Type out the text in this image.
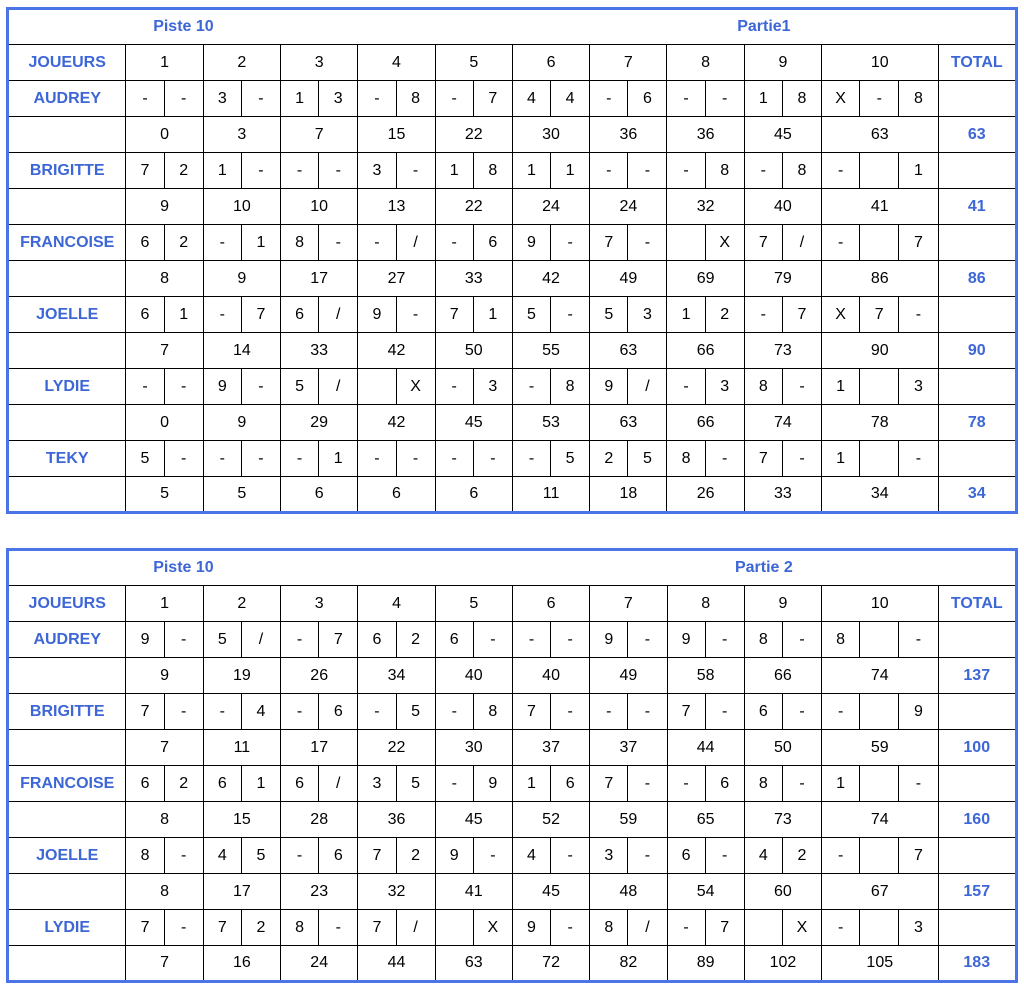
Piste 10													Partie1									
JOUEURS	1		2		3		4		5		6		7		8		9		10			TOTAL
AUDREY	-	-	3	-	1	3	-	8	-	7	4	4	-	6	-	-	1	8	X	-	8	
	0		3		7		15		22		30		36		36		45		63			63
BRIGITTE	7	2	1	-	-	-	3	-	1	8	1	1	-	-	-	8	-	8	-		1	
	9		10		10		13		22		24		24		32		40		41			41
FRANCOISE	6	2	-	1	8	-	-	/	-	6	9	-	7	-		X	7	/	-		7	
	8		9		17		27		33		42		49		69		79		86			86
JOELLE	6	1	-	7	6	/	9	-	7	1	5	-	5	3	1	2	-	7	X	7	-	
	7		14		33		42		50		55		63		66		73		90			90
LYDIE	-	-	9	-	5	/		X	-	3	-	8	9	/	-	3	8	-	1		3	
	0		9		29		42		45		53		63		66		74		78			78
TEKY	5	-	-	-	-	1	-	-	-	-	-	5	2	5	8	-	7	-	1		-	
	5		5		6		6		6		11		18		26		33		34			34
Piste 10													Partie 2									
JOUEURS	1		2		3		4		5		6		7		8		9		10			TOTAL
AUDREY	9	-	5	/	-	7	6	2	6	-	-	-	9	-	9	-	8	-	8		-	
	9		19		26		34		40		40		49		58		66		74			137
BRIGITTE	7	-	-	4	-	6	-	5	-	8	7	-	-	-	7	-	6	-	-		9	
	7		11		17		22		30		37		37		44		50		59			100
FRANCOISE	6	2	6	1	6	/	3	5	-	9	1	6	7	-	-	6	8	-	1		-	
	8		15		28		36		45		52		59		65		73		74			160
JOELLE	8	-	4	5	-	6	7	2	9	-	4	-	3	-	6	-	4	2	-		7	
	8		17		23		32		41		45		48		54		60		67			157
LYDIE	7	-	7	2	8	-	7	/		X	9	-	8	/	-	7		X	-		3	
	7		16		24		44		63		72		82		89		102		105			183
